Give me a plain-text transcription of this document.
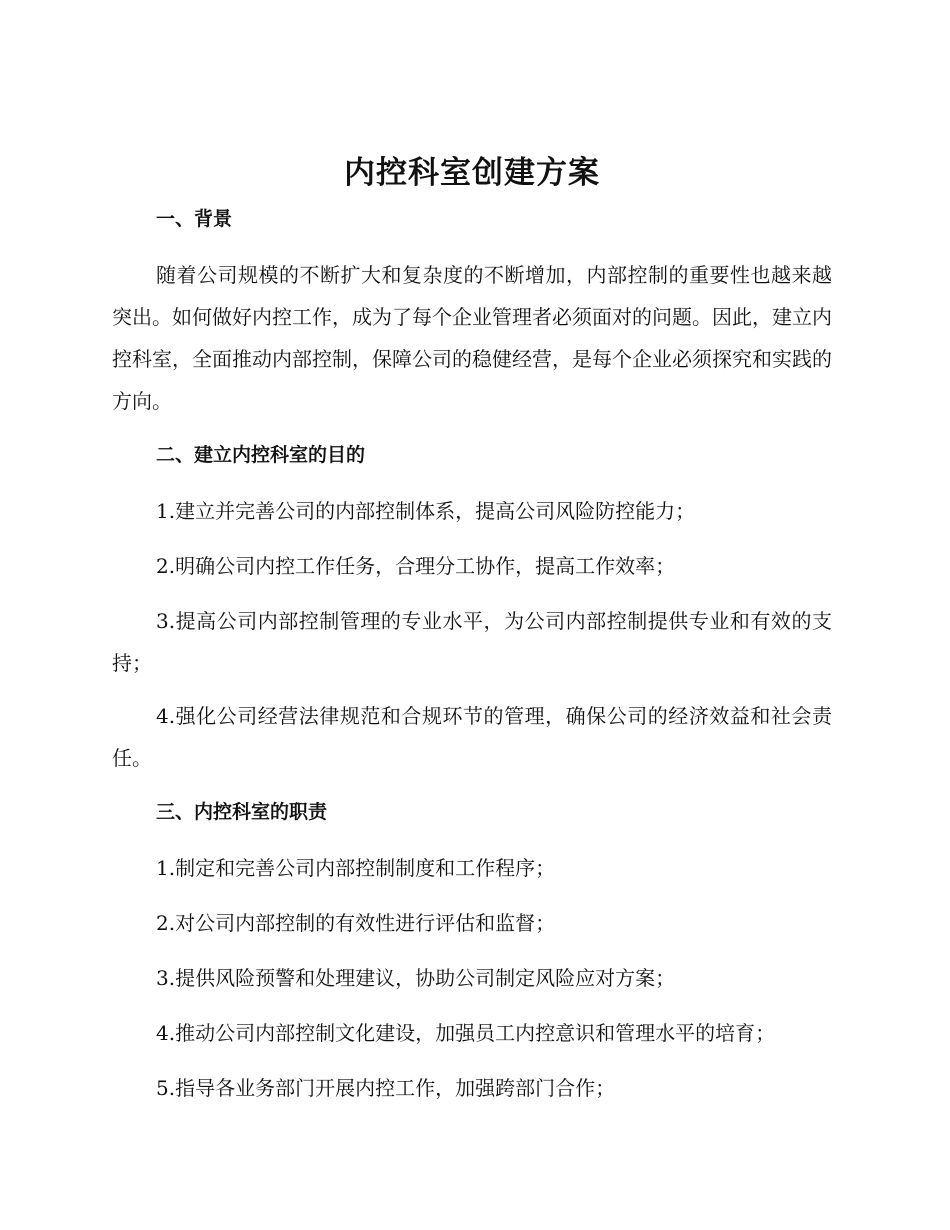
内控科室创建方案
一、背景

随着公司规模的不断扩大和复杂度的不断增加，内部控制的重要性也越来越突出。如何做好内控工作，成为了每个企业管理者必须面对的问题。因此，建立内控科室，全面推动内部控制，保障公司的稳健经营，是每个企业必须探究和实践的方向。

二、建立内控科室的目的

1.建立并完善公司的内部控制体系，提高公司风险防控能力；

2.明确公司内控工作任务，合理分工协作，提高工作效率；

3.提高公司内部控制管理的专业水平，为公司内部控制提供专业和有效的支持；

4.强化公司经营法律规范和合规环节的管理，确保公司的经济效益和社会责任。

三、内控科室的职责

1.制定和完善公司内部控制制度和工作程序；

2.对公司内部控制的有效性进行评估和监督；

3.提供风险预警和处理建议，协助公司制定风险应对方案；

4.推动公司内部控制文化建设，加强员工内控意识和管理水平的培育；

5.指导各业务部门开展内控工作，加强跨部门合作；
